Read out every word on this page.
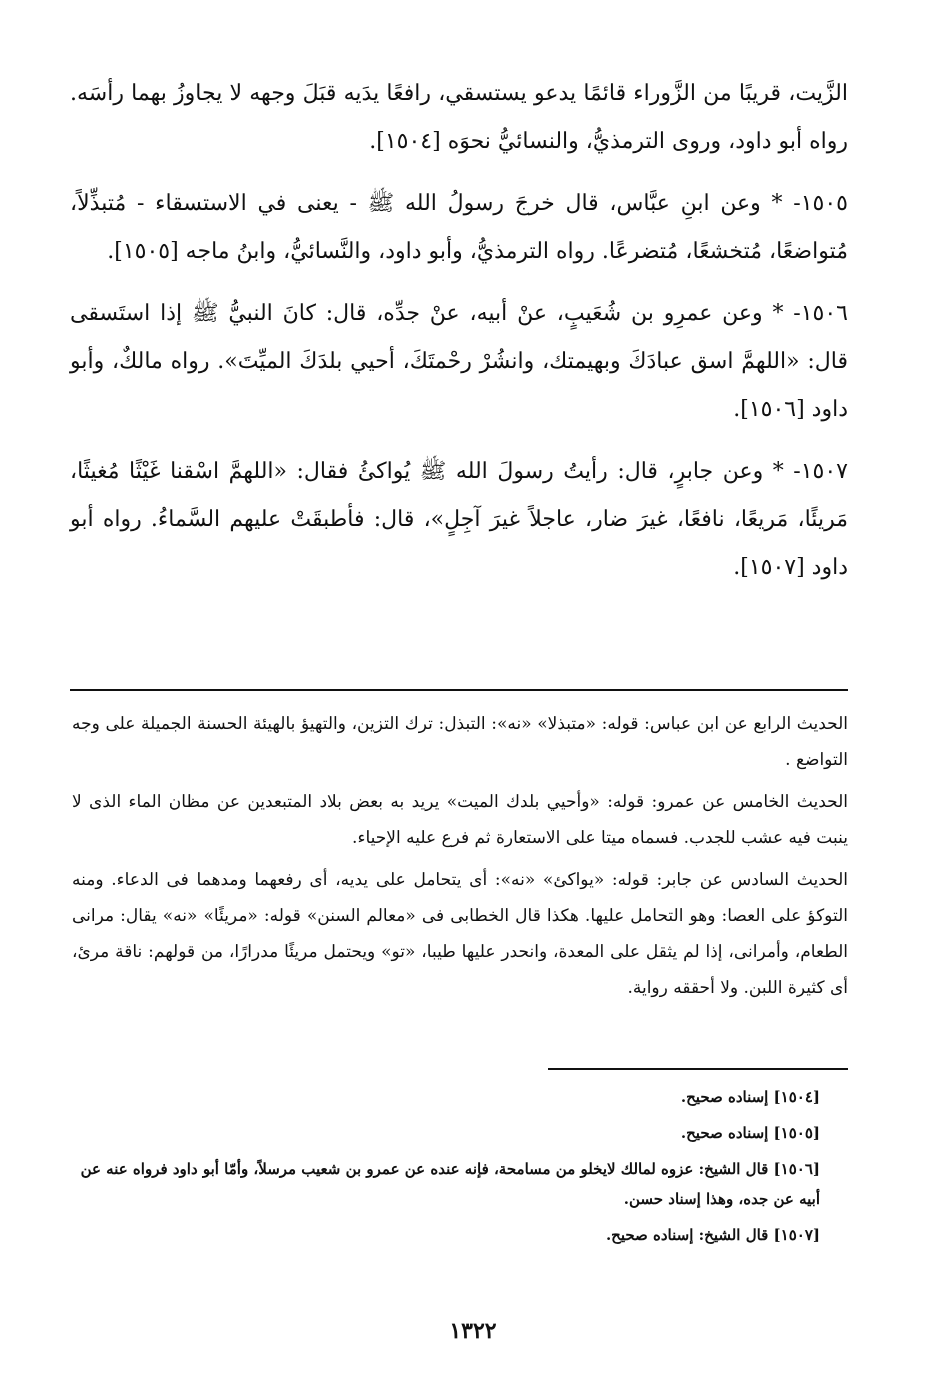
الزَّيت، قريبًا من الزَّوراء قائمًا يدعو يستسقي، رافعًا يدَيه قبَلَ وجهه لا يجاوزُ بهما رأسَه. رواه أبو داود، وروى الترمذيُّ، والنسائيُّ نحوَه [١٥٠٤].

١٥٠٥- * وعن ابنِ عبَّاس، قال خرجَ رسولُ الله ﷺ - يعنى في الاستسقاء - مُتبذِّلاً، مُتواضعًا، مُتخشعًا، مُتضرعًا. رواه الترمذيُّ، وأبو داود، والنَّسائيُّ، وابنُ ماجه [١٥٠٥].

١٥٠٦- * وعن عمرِو بن شُعَيبٍ، عنْ أبيه، عنْ جدِّه، قال: كانَ النبيُّ ﷺ إذا استَسقى قال: «اللهمَّ اسق عبادَكَ وبهيمتك، وانشُرْ رحْمتَكَ، أحيي بلدَكَ الميِّتَ». رواه مالكٌ، وأبو داود [١٥٠٦].

١٥٠٧- * وعن جابرٍ، قال: رأيتُ رسولَ الله ﷺ يُواكئُ فقال: «اللهمَّ اسْقنا غَيْثًا مُغيثًا، مَريئًا، مَريعًا، نافعًا، غيرَ ضار، عاجلاً غيرَ آجِلٍ»، قال: فأطبقَتْ عليهم السَّماءُ. رواه أبو داود [١٥٠٧].

الحديث الرابع عن ابن عباس: قوله: «متبذلا» «نه»: التبذل: ترك التزين، والتهيؤ بالهيئة الحسنة الجميلة على وجه التواضع .

الحديث الخامس عن عمرو: قوله: «وأحيي بلدك الميت» يريد به بعض بلاد المتبعدين عن مظان الماء الذى لا ينبت فيه عشب للجدب. فسماه ميتا على الاستعارة ثم فرع عليه الإحياء.

الحديث السادس عن جابر: قوله: «يواكئ» «نه»: أى يتحامل على يديه، أى رفعهما ومدهما فى الدعاء. ومنه التوكؤ على العصا: وهو التحامل عليها. هكذا قال الخطابى فى «معالم السنن» قوله: «مريئًا» «نه» يقال: مرانى الطعام، وأمرانى، إذا لم يثقل على المعدة، وانحدر عليها طيبا، «تو» ويحتمل مريئًا مدرارًا، من قولهم: ناقة مرئ، أى كثيرة اللبن. ولا أحققه رواية.

[١٥٠٤] إسناده صحيح.

[١٥٠٥] إسناده صحيح.

[١٥٠٦] قال الشيخ: عزوه لمالك لايخلو من مسامحة، فإنه عنده عن عمرو بن شعيب مرسلاً، وأمّا أبو داود فرواه عنه عن أبيه عن جده، وهذا إسناد حسن.

[١٥٠٧] قال الشيخ: إسناده صحيح.

١٣٢٢
